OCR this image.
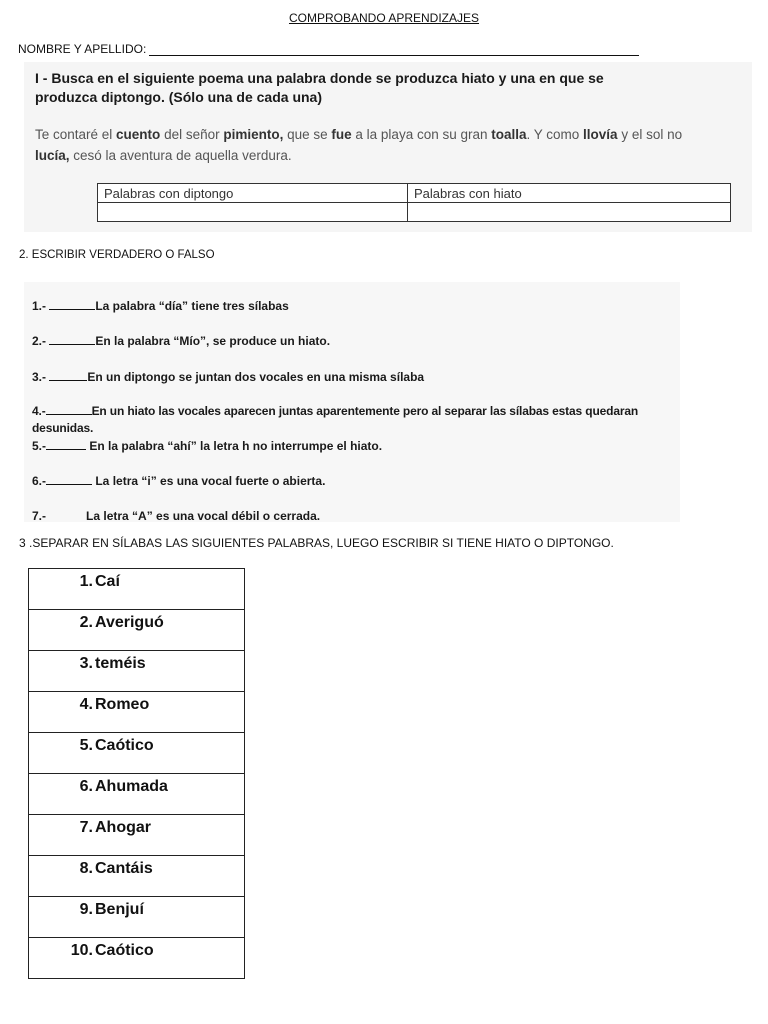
COMPROBANDO APRENDIZAJES
NOMBRE Y APELLIDO:
I - Busca en el siguiente poema una palabra donde se produzca hiato y una en que se produzca diptongo. (Sólo una de cada una)
Te contaré el cuento del señor pimiento, que se fue a la playa con su gran toalla. Y como llovía y el sol no lucía, cesó la aventura de aquella verdura.
Palabras con diptongo	Palabras con hiato

2. ESCRIBIR VERDADERO O FALSO
1.-	La palabra “día” tiene tres sílabas
2.-	En la palabra “Mío”, se produce un hiato.
3.-	En un diptongo se juntan dos vocales en una misma sílaba
4.-	En un hiato las vocales aparecen juntas aparentemente pero al separar las sílabas estas quedaran desunidas.
5.-	En la palabra “ahí” la letra h no interrumpe el hiato.
6.-	La letra “i” es una vocal fuerte o abierta.
7.-	La letra “A” es una vocal débil o cerrada.
3 .SEPARAR EN SÍLABAS LAS SIGUIENTES PALABRAS, LUEGO ESCRIBIR SI TIENE HIATO O DIPTONGO.
1. Caí
2. Averiguó
3. teméis
4. Romeo
5. Caótico
6. Ahumada
7. Ahogar
8. Cantáis
9. Benjuí
10. Caótico
